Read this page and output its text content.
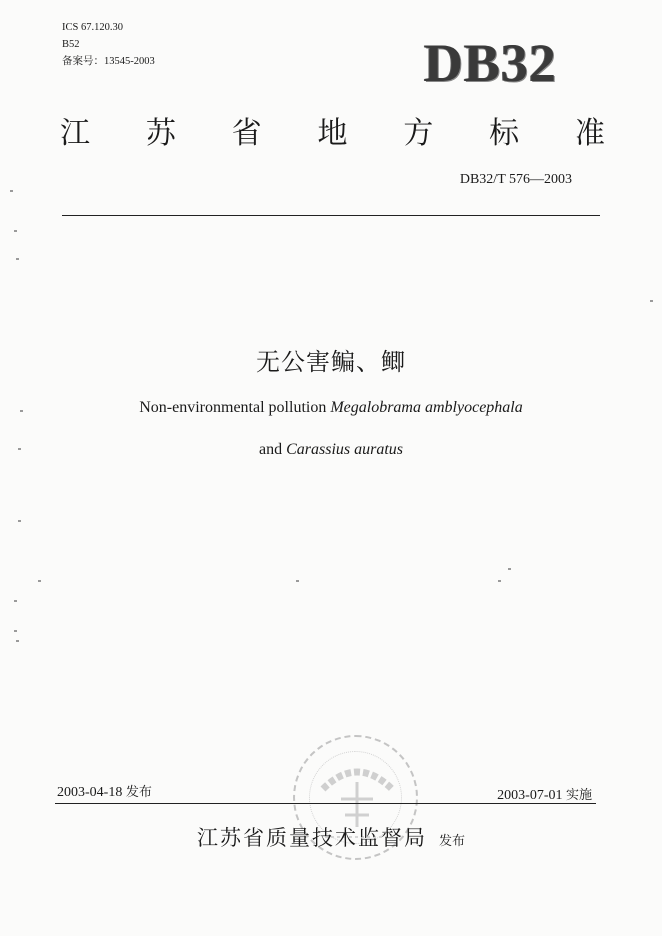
ICS 67.120.30
B52
备案号：13545-2003	DB32
江 苏 省 地 方 标 准
DB32/T 576—2003
无公害鳊、鲫
Non-environmental pollution Megalobrama amblyocephala
and Carassius auratus
2003-04-18 发布	2003-07-01 实施
江苏省质量技术监督局 发布
